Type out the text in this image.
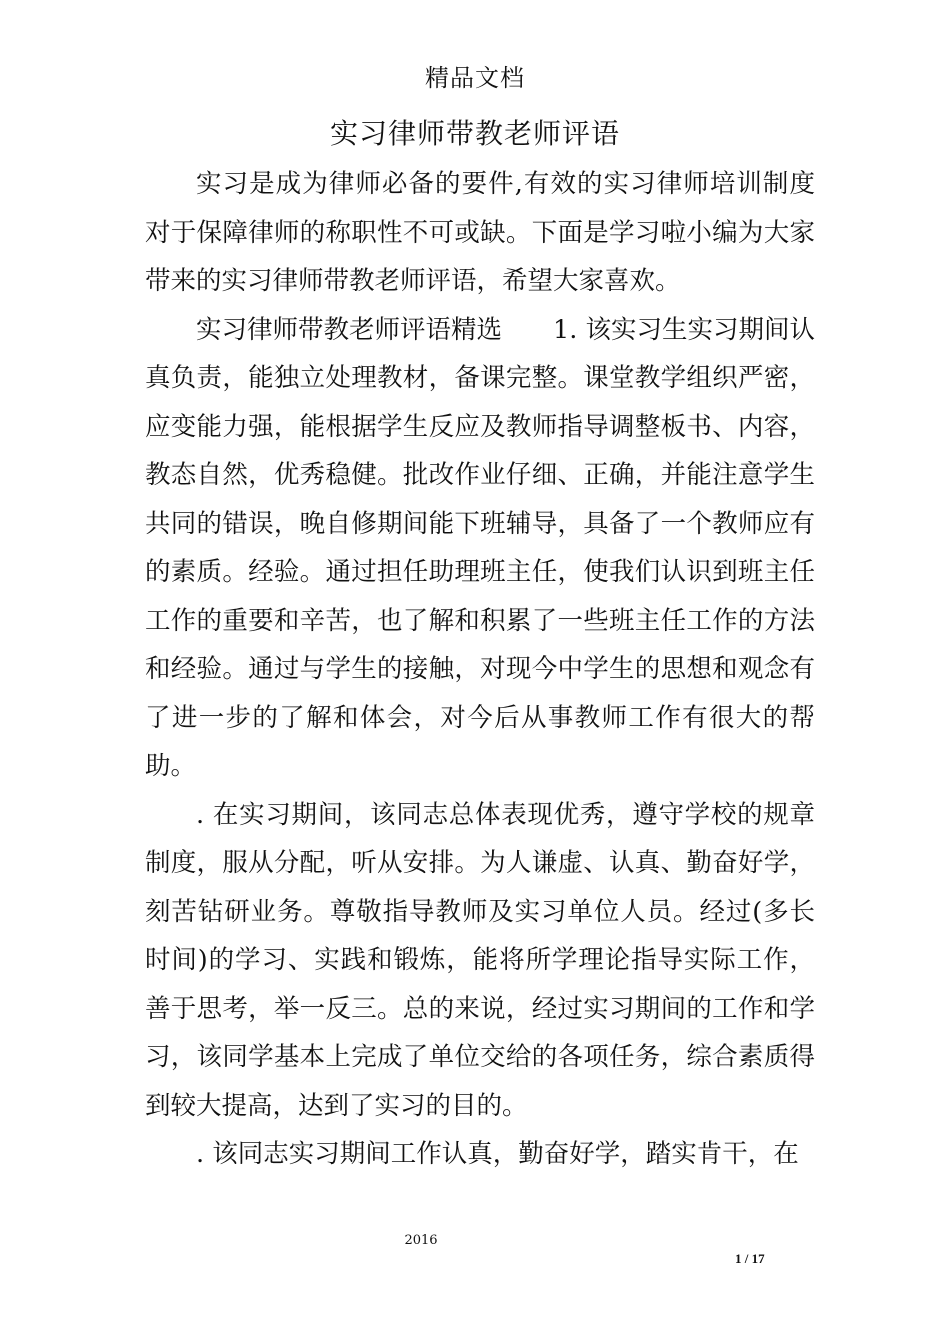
精品文档
实习律师带教老师评语

实习是成为律师必备的要件,有效的实习律师培训制度对于保障律师的称职性不可或缺。下面是学习啦小编为大家带来的实习律师带教老师评语，希望大家喜欢。

实习律师带教老师评语精选　　1. 该实习生实习期间认真负责，能独立处理教材，备课完整。课堂教学组织严密，应变能力强，能根据学生反应及教师指导调整板书、内容，教态自然，优秀稳健。批改作业仔细、正确，并能注意学生共同的错误，晚自修期间能下班辅导，具备了一个教师应有的素质。经验。通过担任助理班主任，使我们认识到班主任工作的重要和辛苦，也了解和积累了一些班主任工作的方法和经验。通过与学生的接触，对现今中学生的思想和观念有了进一步的了解和体会，对今后从事教师工作有很大的帮助。

. 在实习期间，该同志总体表现优秀，遵守学校的规章制度，服从分配，听从安排。为人谦虚、认真、勤奋好学，刻苦钻研业务。尊敬指导教师及实习单位人员。经过(多长时间)的学习、实践和锻炼，能将所学理论指导实际工作，善于思考，举一反三。总的来说，经过实习期间的工作和学习，该同学基本上完成了单位交给的各项任务，综合素质得到较大提高，达到了实习的目的。

. 该同志实习期间工作认真，勤奋好学，踏实肯干，在

2016
1 / 17
